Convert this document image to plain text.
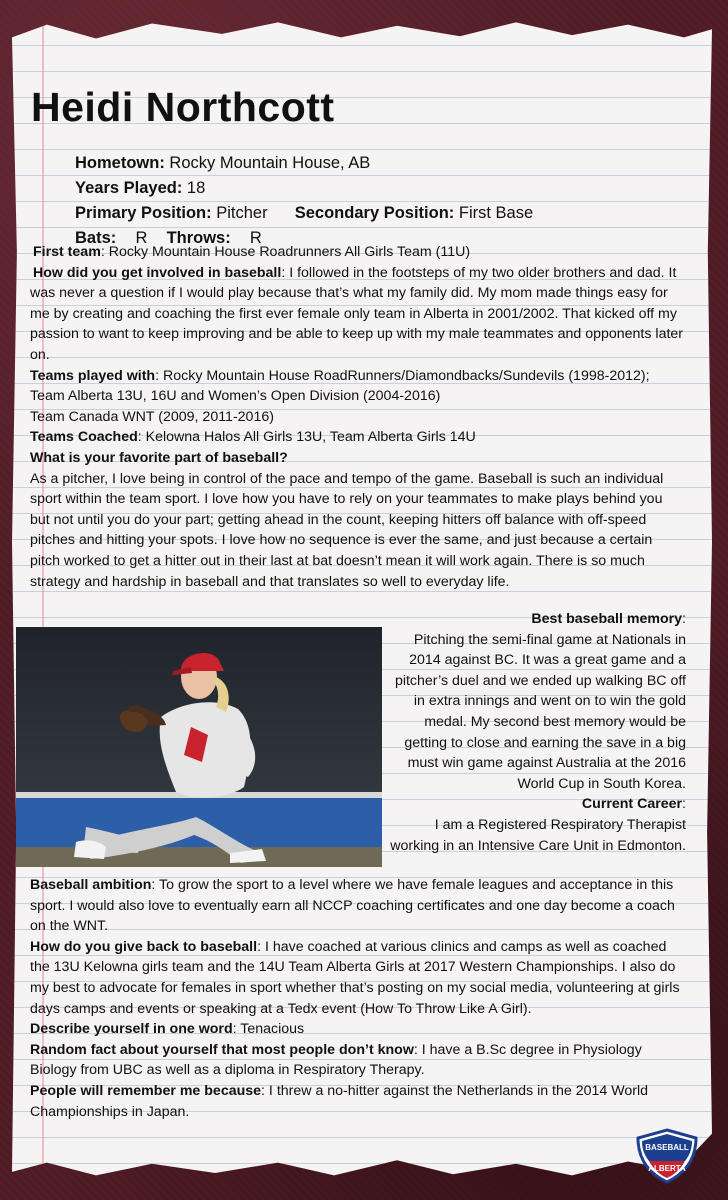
Heidi Northcott
Hometown: Rocky Mountain House, AB
Years Played: 18
Primary Position: Pitcher Secondary Position: First Base
Bats: R Throws: R

First team: Rocky Mountain House Roadrunners All Girls Team (11U)

How did you get involved in baseball: I followed in the footsteps of my two older brothers and dad. It was never a question if I would play because that’s what my family did. My mom made things easy for me by creating and coaching the first ever female only team in Alberta in 2001/2002. That kicked off my passion to want to keep improving and be able to keep up with my male teammates and opponents later on.

Teams played with: Rocky Mountain House RoadRunners/Diamondbacks/Sundevils (1998-2012); Team Alberta 13U, 16U and Women’s Open Division (2004-2016)

Team Canada WNT (2009, 2011-2016)

Teams Coached: Kelowna Halos All Girls 13U, Team Alberta Girls 14U

What is your favorite part of baseball?

As a pitcher, I love being in control of the pace and tempo of the game. Baseball is such an individual sport within the team sport. I love how you have to rely on your teammates to make plays behind you but not until you do your part; getting ahead in the count, keeping hitters off balance with off-speed pitches and hitting your spots. I love how no sequence is ever the same, and just because a certain pitch worked to get a hitter out in their last at bat doesn’t mean it will work again. There is so much strategy and hardship in baseball and that translates so well to everyday life.

Best baseball memory:

Pitching the semi-final game at Nationals in 2014 against BC. It was a great game and a pitcher’s duel and we ended up walking BC off in extra innings and went on to win the gold medal. My second best memory would be getting to close and earning the save in a big must win game against Australia at the 2016 World Cup in South Korea.

Current Career:

I am a Registered Respiratory Therapist working in an Intensive Care Unit in Edmonton.

Baseball ambition: To grow the sport to a level where we have female leagues and acceptance in this sport. I would also love to eventually earn all NCCP coaching certificates and one day become a coach on the WNT.

How do you give back to baseball: I have coached at various clinics and camps as well as coached the 13U Kelowna girls team and the 14U Team Alberta Girls at 2017 Western Championships. I also do my best to advocate for females in sport whether that’s posting on my social media, volunteering at girls days camps and events or speaking at a Tedx event (How To Throw Like A Girl).

Describe yourself in one word: Tenacious

Random fact about yourself that most people don’t know: I have a B.Sc degree in Physiology Biology from UBC as well as a diploma in Respiratory Therapy.

People will remember me because: I threw a no-hitter against the Netherlands in the 2014 World Championships in Japan.

BASEBALL
ALBERTA
